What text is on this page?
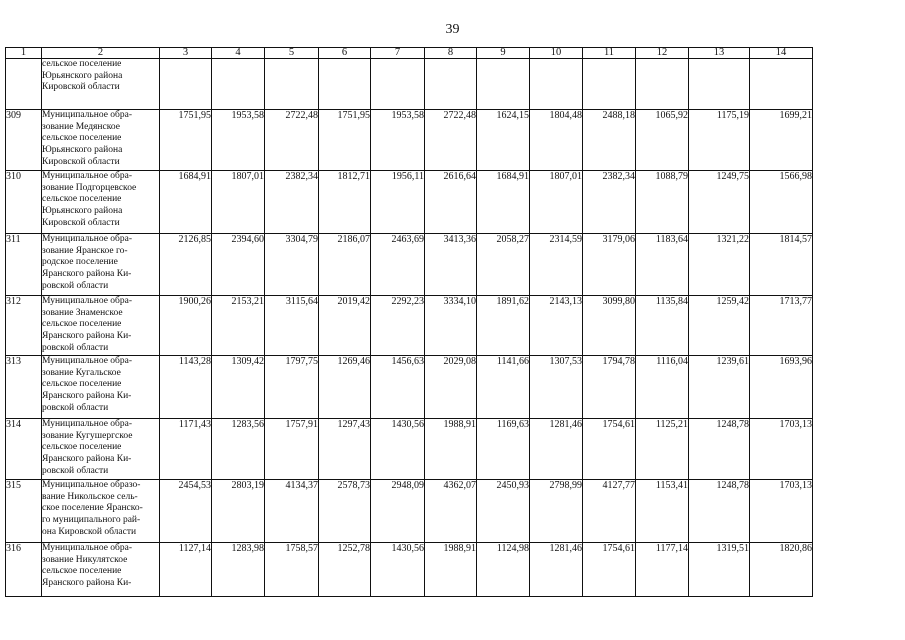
39
1	2	3	4	5	6	7	8	9	10	11	12	13	14
	сельское поселение
Юрьянского района
Кировской области												
309	Муниципальное обра-
зование Медянское
сельское поселение
Юрьянского района
Кировской области	1751,95	1953,58	2722,48	1751,95	1953,58	2722,48	1624,15	1804,48	2488,18	1065,92	1175,19	1699,21
310	Муниципальное обра-
зование Подгорцевское
сельское поселение
Юрьянского района
Кировской области	1684,91	1807,01	2382,34	1812,71	1956,11	2616,64	1684,91	1807,01	2382,34	1088,79	1249,75	1566,98
311	Муниципальное обра-
зование Яранское го-
родское поселение
Яранского района Ки-
ровской области	2126,85	2394,60	3304,79	2186,07	2463,69	3413,36	2058,27	2314,59	3179,06	1183,64	1321,22	1814,57
312	Муниципальное обра-
зование Знаменское
сельское поселение
Яранского района Ки-
ровской области	1900,26	2153,21	3115,64	2019,42	2292,23	3334,10	1891,62	2143,13	3099,80	1135,84	1259,42	1713,77
313	Муниципальное обра-
зование Кугальское
сельское поселение
Яранского района Ки-
ровской области	1143,28	1309,42	1797,75	1269,46	1456,63	2029,08	1141,66	1307,53	1794,78	1116,04	1239,61	1693,96
314	Муниципальное обра-
зование Кугушергское
сельское поселение
Яранского района Ки-
ровской области	1171,43	1283,56	1757,91	1297,43	1430,56	1988,91	1169,63	1281,46	1754,61	1125,21	1248,78	1703,13
315	Муниципальное образо-
вание Никольское сель-
ское поселение Яранско-
го муниципального рай-
она Кировской области	2454,53	2803,19	4134,37	2578,73	2948,09	4362,07	2450,93	2798,99	4127,77	1153,41	1248,78	1703,13
316	Муниципальное обра-
зование Никулятское
сельское поселение
Яранского района Ки-	1127,14	1283,98	1758,57	1252,78	1430,56	1988,91	1124,98	1281,46	1754,61	1177,14	1319,51	1820,86
